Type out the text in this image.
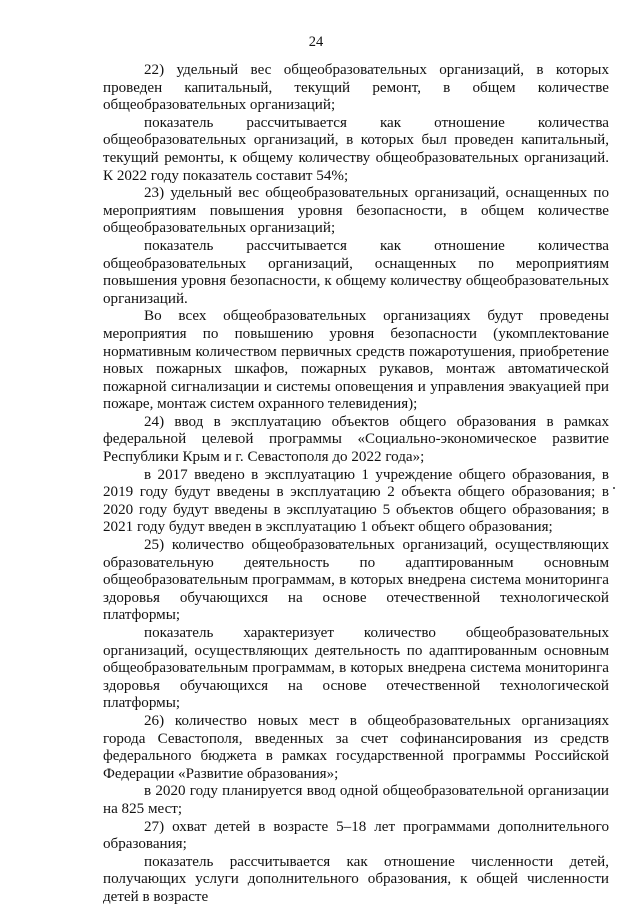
24

22) удельный вес общеобразовательных организаций, в которых проведен капитальный, текущий ремонт, в общем количестве общеобразовательных организаций;

показатель рассчитывается как отношение количества общеобразовательных организаций, в которых был проведен капитальный, текущий ремонты, к общему количеству общеобразовательных организаций. К 2022 году показатель составит 54%;

23) удельный вес общеобразовательных организаций, оснащенных по мероприятиям повышения уровня безопасности, в общем количестве общеобразовательных организаций;

показатель рассчитывается как отношение количества общеобразовательных организаций, оснащенных по мероприятиям повышения уровня безопасности, к общему количеству общеобразовательных организаций.

Во всех общеобразовательных организациях будут проведены мероприятия по повышению уровня безопасности (укомплектование нормативным количеством первичных средств пожаротушения, приобретение новых пожарных шкафов, пожарных рукавов, монтаж автоматической пожарной сигнализации и системы оповещения и управления эвакуацией при пожаре, монтаж систем охранного телевидения);

24) ввод в эксплуатацию объектов общего образования в рамках федеральной целевой программы «Социально-экономическое развитие Республики Крым и г. Севастополя до 2022 года»;

в 2017 введено в эксплуатацию 1 учреждение общего образования, в 2019 году будут введены в эксплуатацию 2 объекта общего образования; в 2020 году будут введены в эксплуатацию 5 объектов общего образования; в 2021 году будут введен в эксплуатацию 1 объект общего образования;

25) количество общеобразовательных организаций, осуществляющих образовательную деятельность по адаптированным основным общеобразовательным программам, в которых внедрена система мониторинга здоровья обучающихся на основе отечественной технологической платформы;

показатель характеризует количество общеобразовательных организаций, осуществляющих деятельность по адаптированным основным общеобразовательным программам, в которых внедрена система мониторинга здоровья обучающихся на основе отечественной технологической платформы;

26) количество новых мест в общеобразовательных организациях города Севастополя, введенных за счет софинансирования из средств федерального бюджета в рамках государственной программы Российской Федерации «Развитие образования»;

в 2020 году планируется ввод одной общеобразовательной организации на 825 мест;

27) охват детей в возрасте 5–18 лет программами дополнительного образования;

показатель рассчитывается как отношение численности детей, получающих услуги дополнительного образования, к общей численности детей в возрасте
